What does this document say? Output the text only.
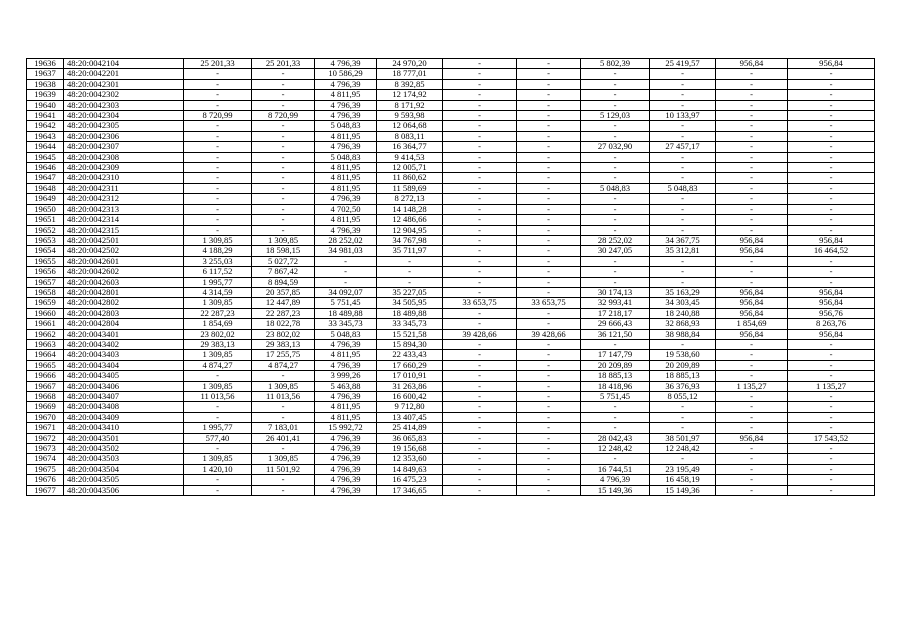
19636	48:20:0042104	25 201,33	25 201,33	4 796,39	24 970,20	-	-	5 802,39	25 419,57	956,84	956,84
19637	48:20:0042201	-	-	10 586,29	18 777,01	-	-	-	-	-	-
19638	48:20:0042301	-	-	4 796,39	8 392,85	-	-	-	-	-	-
19639	48:20:0042302	-	-	4 811,95	12 174,92	-	-	-	-	-	-
19640	48:20:0042303	-	-	4 796,39	8 171,92	-	-	-	-	-	-
19641	48:20:0042304	8 720,99	8 720,99	4 796,39	9 593,98	-	-	5 129,03	10 133,97	-	-
19642	48:20:0042305	-	-	5 048,83	12 064,68	-	-	-	-	-	-
19643	48:20:0042306	-	-	4 811,95	8 083,11	-	-	-	-	-	-
19644	48:20:0042307	-	-	4 796,39	16 364,77	-	-	27 032,90	27 457,17	-	-
19645	48:20:0042308	-	-	5 048,83	9 414,53	-	-	-	-	-	-
19646	48:20:0042309	-	-	4 811,95	12 005,71	-	-	-	-	-	-
19647	48:20:0042310	-	-	4 811,95	11 860,62	-	-	-	-	-	-
19648	48:20:0042311	-	-	4 811,95	11 589,69	-	-	5 048,83	5 048,83	-	-
19649	48:20:0042312	-	-	4 796,39	8 272,13	-	-	-	-	-	-
19650	48:20:0042313	-	-	4 702,50	14 148,28	-	-	-	-	-	-
19651	48:20:0042314	-	-	4 811,95	12 486,66	-	-	-	-	-	-
19652	48:20:0042315	-	-	4 796,39	12 904,95	-	-	-	-	-	-
19653	48:20:0042501	1 309,85	1 309,85	28 252,02	34 767,98	-	-	28 252,02	34 367,75	956,84	956,84
19654	48:20:0042502	4 188,29	18 598,15	34 981,03	35 711,97	-	-	30 247,05	35 312,81	956,84	16 464,52
19655	48:20:0042601	3 255,03	5 027,72	-	-	-	-	-	-	-	-
19656	48:20:0042602	6 117,52	7 867,42	-	-	-	-	-	-	-	-
19657	48:20:0042603	1 995,77	8 894,59	-	-	-	-	-	-	-	-
19658	48:20:0042801	4 314,59	20 357,85	34 092,07	35 227,05	-	-	30 174,13	35 163,29	956,84	956,84
19659	48:20:0042802	1 309,85	12 447,89	5 751,45	34 505,95	33 653,75	33 653,75	32 993,41	34 303,45	956,84	956,84
19660	48:20:0042803	22 287,23	22 287,23	18 489,88	18 489,88	-	-	17 218,17	18 240,88	956,84	956,76
19661	48:20:0042804	1 854,69	18 022,78	33 345,73	33 345,73	-	-	29 666,43	32 868,93	1 854,69	8 263,76
19662	48:20:0043401	23 802,02	23 802,02	5 048,83	15 521,58	39 428,66	39 428,66	36 121,50	38 988,84	956,84	956,84
19663	48:20:0043402	29 383,13	29 383,13	4 796,39	15 894,30	-	-	-	-	-	-
19664	48:20:0043403	1 309,85	17 255,75	4 811,95	22 433,43	-	-	17 147,79	19 538,60	-	-
19665	48:20:0043404	4 874,27	4 874,27	4 796,39	17 660,29	-	-	20 209,89	20 209,89	-	-
19666	48:20:0043405	-	-	3 999,26	17 010,91	-	-	18 885,13	18 885,13	-	-
19667	48:20:0043406	1 309,85	1 309,85	5 463,88	31 263,86	-	-	18 418,96	36 376,93	1 135,27	1 135,27
19668	48:20:0043407	11 013,56	11 013,56	4 796,39	16 600,42	-	-	5 751,45	8 055,12	-	-
19669	48:20:0043408	-	-	4 811,95	9 712,80	-	-	-	-	-	-
19670	48:20:0043409	-	-	4 811,95	13 407,45	-	-	-	-	-	-
19671	48:20:0043410	1 995,77	7 183,01	15 992,72	25 414,89	-	-	-	-	-	-
19672	48:20:0043501	577,40	26 401,41	4 796,39	36 065,83	-	-	28 042,43	38 501,97	956,84	17 543,52
19673	48:20:0043502	-	-	4 796,39	19 156,68	-	-	12 248,42	12 248,42	-	-
19674	48:20:0043503	1 309,85	1 309,85	4 796,39	12 353,60	-	-	-	-	-	-
19675	48:20:0043504	1 420,10	11 501,92	4 796,39	14 849,63	-	-	16 744,51	23 195,49	-	-
19676	48:20:0043505	-	-	4 796,39	16 475,23	-	-	4 796,39	16 458,19	-	-
19677	48:20:0043506	-	-	4 796,39	17 346,65	-	-	15 149,36	15 149,36	-	-
